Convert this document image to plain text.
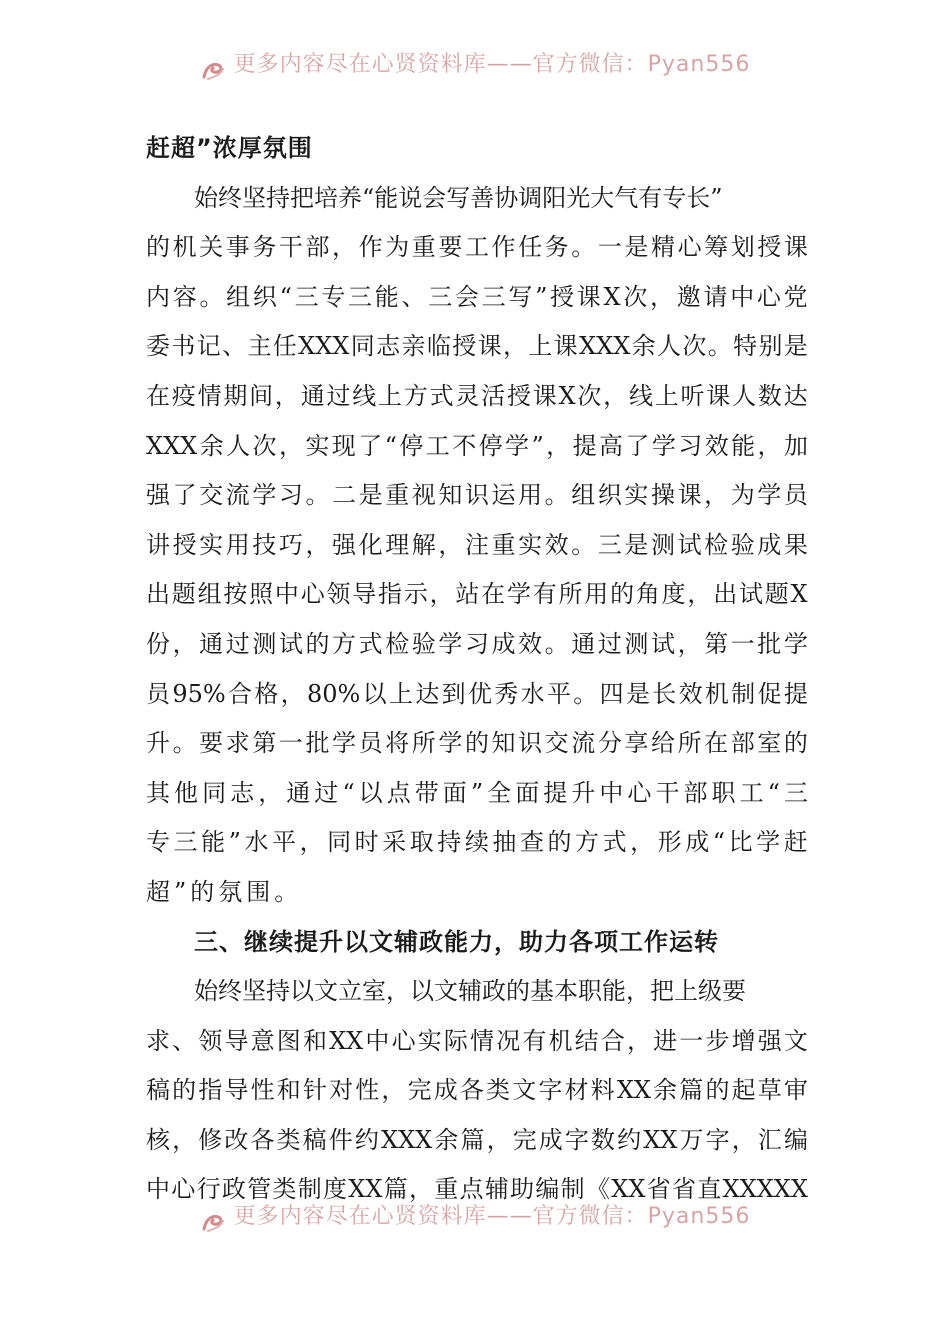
更多内容尽在心贤资料库——官方微信：Pyan556
赶超”浓厚氛围
始终坚持把培养“能说会写善协调阳光大气有专长”
的 机 关 事 务 干 部 ， 作 为 重 要 工 作 任 务 。 一 是 精 心 筹 划 授 课
内 容 。 组 织 “ 三 专 三 能 、 三 会 三 写 ” 授 课 X 次 ， 邀 请 中 心 党
委 书 记 、 主 任 XXX 同 志 亲 临 授 课 ， 上 课 XXX 余 人 次 。 特 别 是
在 疫 情 期 间 ， 通 过 线 上 方 式 灵 活 授 课 X 次 ， 线 上 听 课 人 数 达
XXX 余 人 次 ， 实 现 了 “ 停 工 不 停 学 ” ， 提 高 了 学 习 效 能 ， 加
强 了 交 流 学 习 。 二 是 重 视 知 识 运 用 。 组 织 实 操 课 ， 为 学 员
讲 授 实 用 技 巧 ， 强 化 理 解 ， 注 重 实 效 。 三 是 测 试 检 验 成 果
出 题 组 按 照 中 心 领 导 指 示 ， 站 在 学 有 所 用 的 角 度 ， 出 试 题 X
份 ， 通 过 测 试 的 方 式 检 验 学 习 成 效 。 通 过 测 试 ， 第 一 批 学
员 95% 合 格 ， 80% 以 上 达 到 优 秀 水 平 。 四 是 长 效 机 制 促 提
升 。 要 求 第 一 批 学 员 将 所 学 的 知 识 交 流 分 享 给 所 在 部 室 的
其 他 同 志 ， 通 过 “ 以 点 带 面 ” 全 面 提 升 中 心 干 部 职 工 “ 三
专 三 能 ” 水 平 ， 同 时 采 取 持 续 抽 查 的 方 式 ， 形 成 “ 比 学 赶
超”的氛围。
三、继续提升以文辅政能力，助力各项工作运转
始终坚持以文立室，以文辅政的基本职能，把上级要
求 、 领 导 意 图 和 XX 中 心 实 际 情 况 有 机 结 合 ， 进 一 步 增 强 文
稿 的 指 导 性 和 针 对 性 ， 完 成 各 类 文 字 材 料 XX 余 篇 的 起 草 审
核 ， 修 改 各 类 稿 件 约 XXX 余 篇 ， 完 成 字 数 约 XX 万 字 ， 汇 编
中 心 行 政 管 类 制 度 XX 篇 ， 重 点 辅 助 编 制 《 XX 省 省 直 XXXXX
更多内容尽在心贤资料库——官方微信：Pyan556
